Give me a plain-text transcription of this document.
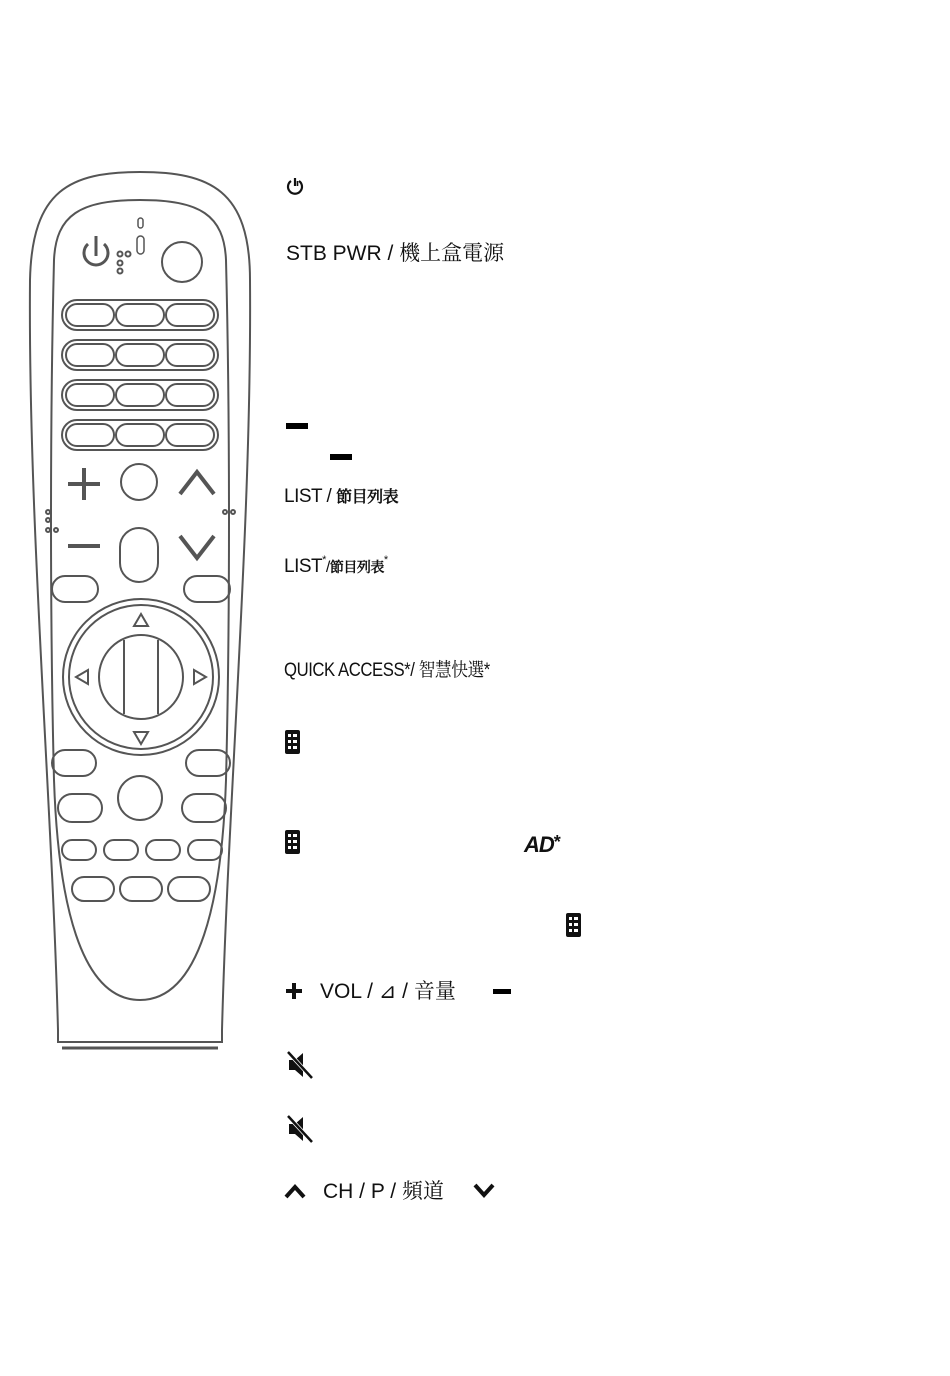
STB PWR / 機上盒電源
LIST / 節目列表
LIST*/節目列表*
QUICK ACCESS*/ 智慧快選*
AD*
VOL / ⊿ / 音量
CH / P / 頻道
